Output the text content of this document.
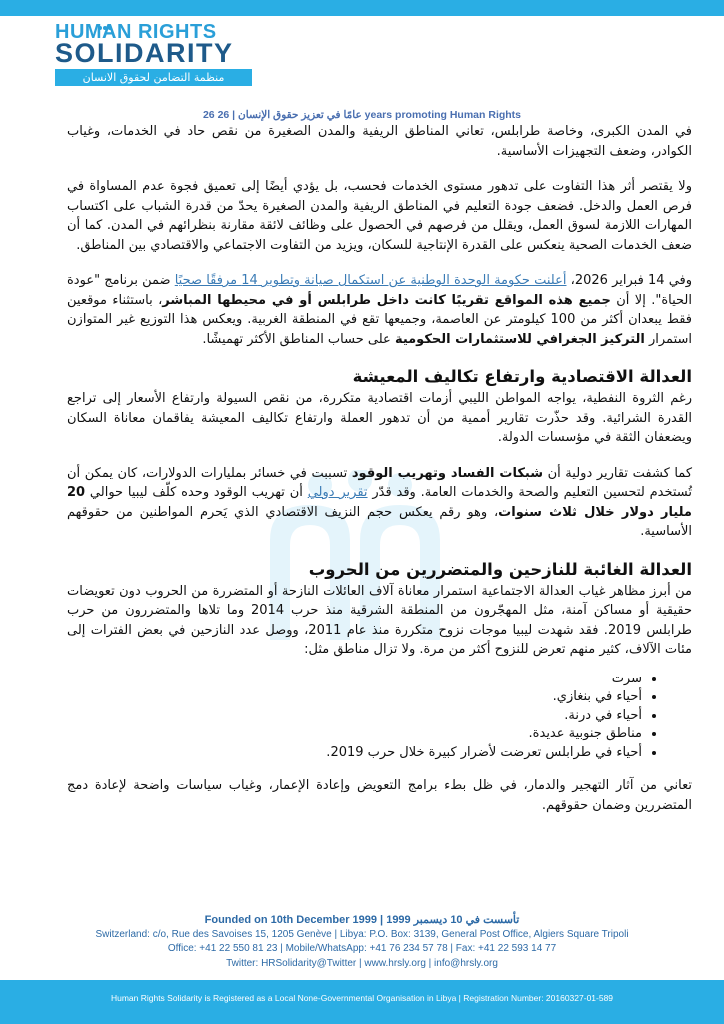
HUMAN RIGHTS
SOLIDARITY
منظمة التضامن لحقوق الانسان
26 عامًا في تعزيز حقوق الإنسان | 26 years promoting Human Rights

في المدن الكبرى، وخاصة طرابلس، تعاني المناطق الريفية والمدن الصغيرة من نقص حاد في الخدمات، وغياب الكوادر، وضعف التجهيزات الأساسية.

ولا يقتصر أثر هذا التفاوت على تدهور مستوى الخدمات فحسب، بل يؤدي أيضًا إلى تعميق فجوة عدم المساواة في فرص العمل والدخل. فضعف جودة التعليم في المناطق الريفية والمدن الصغيرة يحدّ من قدرة الشباب على اكتساب المهارات اللازمة لسوق العمل، ويقلل من فرصهم في الحصول على وظائف لائقة مقارنة بنظرائهم في المدن. كما أن ضعف الخدمات الصحية ينعكس على القدرة الإنتاجية للسكان، ويزيد من التفاوت الاجتماعي والاقتصادي بين المناطق.

وفي 14 فبراير 2026، أعلنت حكومة الوحدة الوطنية عن استكمال صيانة وتطوير 14 مرفقًا صحيًا ضمن برنامج "عودة الحياة". إلا أن جميع هذه المواقع تقريبًا كانت داخل طرابلس أو في محيطها المباشر، باستثناء موقعين فقط يبعدان أكثر من 100 كيلومتر عن العاصمة، وجميعها تقع في المنطقة الغربية. ويعكس هذا التوزيع غير المتوازن استمرار التركيز الجغرافي للاستثمارات الحكومية على حساب المناطق الأكثر تهميشًا.

العدالة الاقتصادية وارتفاع تكاليف المعيشة

رغم الثروة النفطية، يواجه المواطن الليبي أزمات اقتصادية متكررة، من نقص السيولة وارتفاع الأسعار إلى تراجع القدرة الشرائية. وقد حذّرت تقارير أممية من أن تدهور العملة وارتفاع تكاليف المعيشة يفاقمان معاناة السكان ويضعفان الثقة في مؤسسات الدولة.

كما كشفت تقارير دولية أن شبكات الفساد وتهريب الوقود تسببت في خسائر بمليارات الدولارات، كان يمكن أن تُستخدم لتحسين التعليم والصحة والخدمات العامة. وقد قدّر تقرير دولي أن تهريب الوقود وحده كلّف ليبيا حوالي 20 مليار دولار خلال ثلاث سنوات، وهو رقم يعكس حجم النزيف الاقتصادي الذي يَحرم المواطنين من حقوقهم الأساسية.

العدالة الغائبة للنازحين والمتضررين من الحروب

من أبرز مظاهر غياب العدالة الاجتماعية استمرار معاناة آلاف العائلات النازحة أو المتضررة من الحروب دون تعويضات حقيقية أو مساكن آمنة، مثل المهجّرون من المنطقة الشرقية منذ حرب 2014 وما تلاها والمتضررون من حرب طرابلس 2019. فقد شهدت ليبيا موجات نزوح متكررة منذ عام 2011، ووصل عدد النازحين في بعض الفترات إلى مئات الآلاف، كثير منهم تعرض للنزوح أكثر من مرة. ولا تزال مناطق مثل:

• سرت
• أحياء في بنغازي.
• أحياء في درنة.
• مناطق جنوبية عديدة.
• أحياء في طرابلس تعرضت لأضرار كبيرة خلال حرب 2019.

تعاني من آثار التهجير والدمار، في ظل بطء برامج التعويض وإعادة الإعمار، وغياب سياسات واضحة لإعادة دمج المتضررين وضمان حقوقهم.

Founded on 10th December 1999 | 1999 تأسست في 10 ديسمبر
Switzerland: c/o, Rue des Savoises 15, 1205 Genève | Libya: P.O. Box: 3139, General Post Office, Algiers Square Tripoli
Office: +41 22 550 81 23 | Mobile/WhatsApp: +41 76 234 57 78 | Fax: +41 22 593 14 77
Twitter: HRSolidarity@Twitter | www.hrsly.org | info@hrsly.org
Human Rights Solidarity is Registered as a Local None-Governmental Organisation in Libya | Registration Number: 20160327-01-589
